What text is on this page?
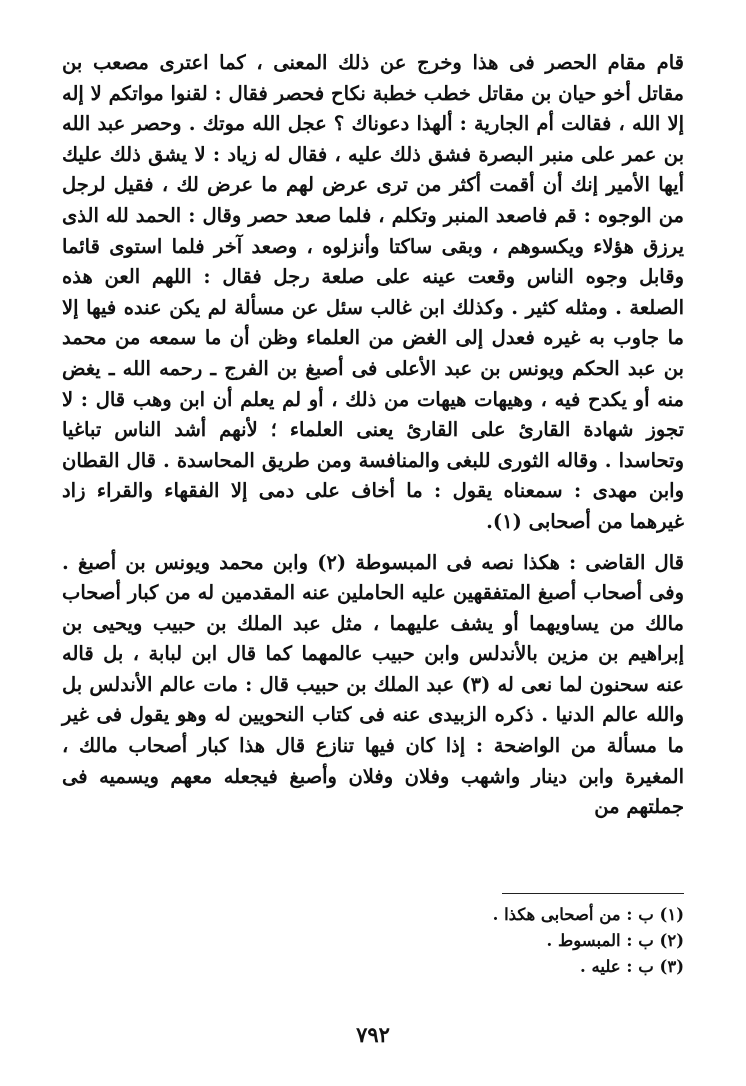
قام مقام الحصر فى هذا وخرج عن ذلك المعنى ، كما اعترى مصعب بن مقاتل أخو حيان بن مقاتل خطب خطبة نكاح فحصر فقال : لقنوا مواتكم لا إله إلا الله ، فقالت أم الجارية : ألهذا دعوناك ؟ عجل الله موتك . وحصر عبد الله بن عمر على منبر البصرة فشق ذلك عليه ، فقال له زياد : لا يشق ذلك عليك أيها الأمير إنك أن أقمت أكثر من ترى عرض لهم ما عرض لك ، فقيل لرجل من الوجوه : قم فاصعد المنبر وتكلم ، فلما صعد حصر وقال : الحمد لله الذى يرزق هؤلاء ويكسوهم ، وبقى ساكتا وأنزلوه ، وصعد آخر فلما استوى قائما وقابل وجوه الناس وقعت عينه على صلعة رجل فقال : اللهم العن هذه الصلعة . ومثله كثير . وكذلك ابن غالب سئل عن مسألة لم يكن عنده فيها إلا ما جاوب به غيره فعدل إلى الغض من العلماء وظن أن ما سمعه من محمد بن عبد الحكم ويونس بن عبد الأعلى فى أصبغ بن الفرج ـ رحمه الله ـ يغض منه أو يكدح فيه ، وهيهات هيهات من ذلك ، أو لم يعلم أن ابن وهب قال : لا تجوز شهادة القارئ على القارئ يعنى العلماء ؛ لأنهم أشد الناس تباغيا وتحاسدا . وقاله الثورى للبغى والمنافسة ومن طريق المحاسدة . قال القطان وابن مهدى : سمعناه يقول : ما أخاف على دمى إلا الفقهاء والقراء زاد غيرهما من أصحابى (١).

قال القاضى : هكذا نصه فى المبسوطة (٢) وابن محمد ويونس بن أصبغ . وفى أصحاب أصبغ المتفقهين عليه الحاملين عنه المقدمين له من كبار أصحاب مالك من يساويهما أو يشف عليهما ، مثل عبد الملك بن حبيب ويحيى بن إبراهيم بن مزين بالأندلس وابن حبيب عالمهما كما قال ابن لبابة ، بل قاله عنه سحنون لما نعى له (٣) عبد الملك بن حبيب قال : مات عالم الأندلس بل والله عالم الدنيا . ذكره الزبيدى عنه فى كتاب النحويين له وهو يقول فى غير ما مسألة من الواضحة : إذا كان فيها تنازع قال هذا كبار أصحاب مالك ، المغيرة وابن دينار واشهب وفلان وفلان وأصبغ فيجعله معهم ويسميه فى جملتهم من

(١) ب : من أصحابى هكذا .
(٢) ب : المبسوط .
(٣) ب : عليه .
٧٩٢
